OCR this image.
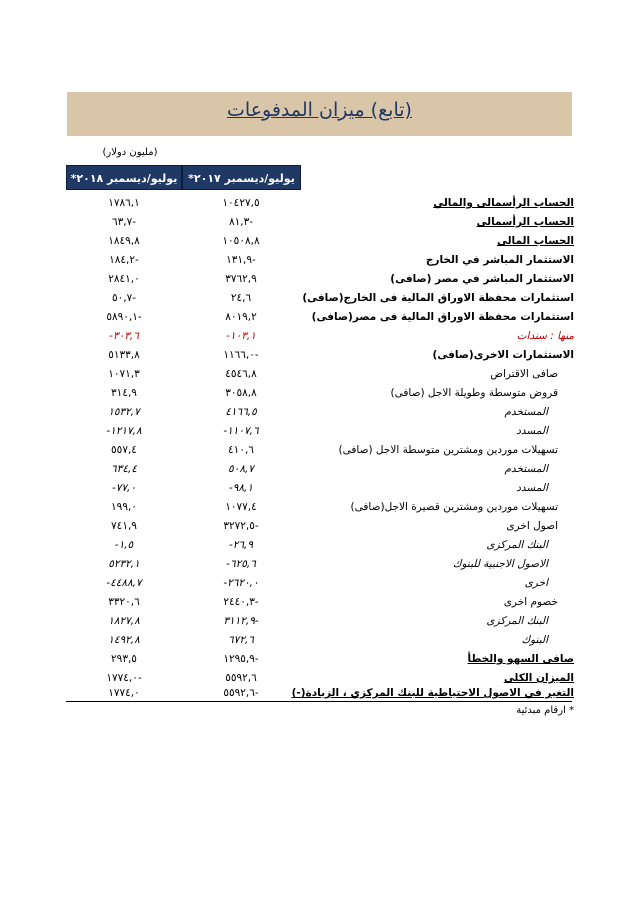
(تابع) ميزان المدفوعات
(مليون دولار)
يوليو/ديسمبر ٢٠١٧*
يوليو/ديسمبر ٢٠١٨*
الحساب الرأسمالى والمالي
١٠٤٢٧,٥
١٧٨٦,١
الحساب الرأسمالى
-٨١,٣
-٦٣,٧
الحساب المالى
١٠٥٠٨,٨
١٨٤٩,٨
الاستثمار المباشر في الخارج
-١٣١,٩
-١٨٤,٢
الاستثمار المباشر في مصر (صافى)
٣٧٦٢,٩
٢٨٤١,٠
استثمارات محفظة الاوراق المالية فى الخارج(صافى)
٢٤,٦
-٥٠,٧
استثمارات محفظة الاوراق المالية فى مصر(صافى)
٨٠١٩,٢
-٥٨٩٠,١
منها : سندات
١٠٣,١-
٣٠٣,٦-
الاستثمارات الاخرى(صافى)
-١١٦٦,٠
٥١٣٣,٨
صافى الاقتراض
٤٥٤٦,٨
١٠٧١,٣
قروض متوسطة وطويلة الاجل (صافى)
٣٠٥٨,٨
٣١٤,٩
المستخدم
٤١٦٦,٥
١٥٣٢,٧
المسدد
١١٠٧,٦-
١٢١٧,٨-
تسهيلات موردين ومشترين متوسطة الاجل (صافى)
٤١٠,٦
٥٥٧,٤
المستخدم
٥٠٨,٧
٦٣٤,٤
المسدد
٩٨,١-
٧٧,٠-
تسهيلات موردين ومشترين قصيرة الاجل(صافى)
١٠٧٧,٤
١٩٩,٠
اصول اخرى
-٣٢٧٢,٥
٧٤١,٩
البنك المركزى
٢٦,٩-
١,٥-
الاصول الاجنبية للبنوك
٦٢٥,٦-
٥٢٣٢,١
اخرى
٢٦٢٠,٠-
٤٤٨٨,٧-
خصوم اخرى
-٢٤٤٠,٣
٣٣٢٠,٦
البنك المركزى
-٣١١٢,٩
١٨٢٧,٨
البنوك
٦٧٢,٦
١٤٩٢,٨
صافى السهو والخطأ
-١٢٩٥,٩
٢٩٣,٥
الميزان الكلى
٥٥٩٢,٦
-١٧٧٤,٠
التغير في الاصول الاحتياطية للبنك المركزي ، الزيادة(-)
-٥٥٩٢,٦
١٧٧٤,٠
* ارقام مبدئية
